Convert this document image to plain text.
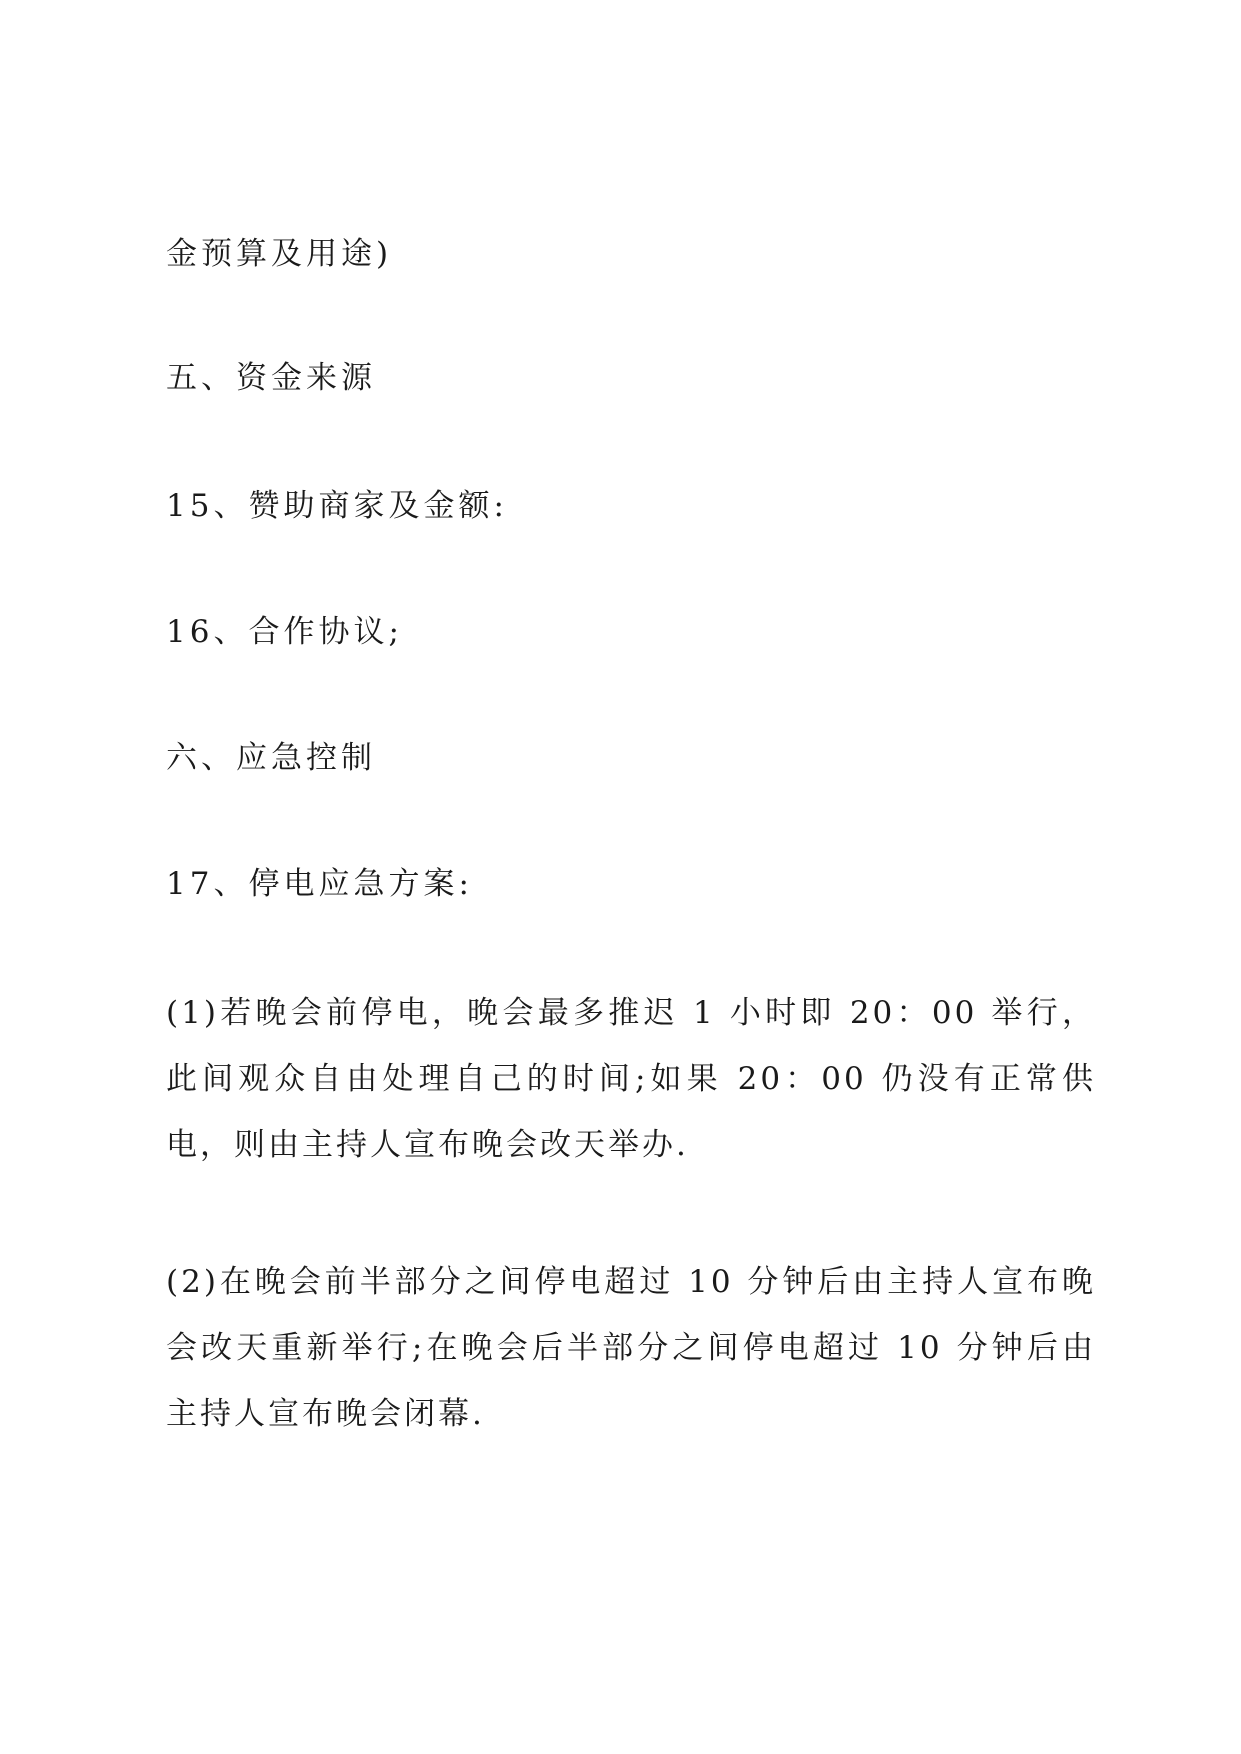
金预算及用途)
五、资金来源
15、赞助商家及金额:
16、合作协议;
六、应急控制
17、停电应急方案:
(1)若晚会前停电，晚会最多推迟 1 小时即 20：00 举行，此间观众自由处理自己的时间;如果 20：00 仍没有正常供电，则由主持人宣布晚会改天举办.
(2)在晚会前半部分之间停电超过 10 分钟后由主持人宣布晚会改天重新举行;在晚会后半部分之间停电超过 10 分钟后由主持人宣布晚会闭幕.
